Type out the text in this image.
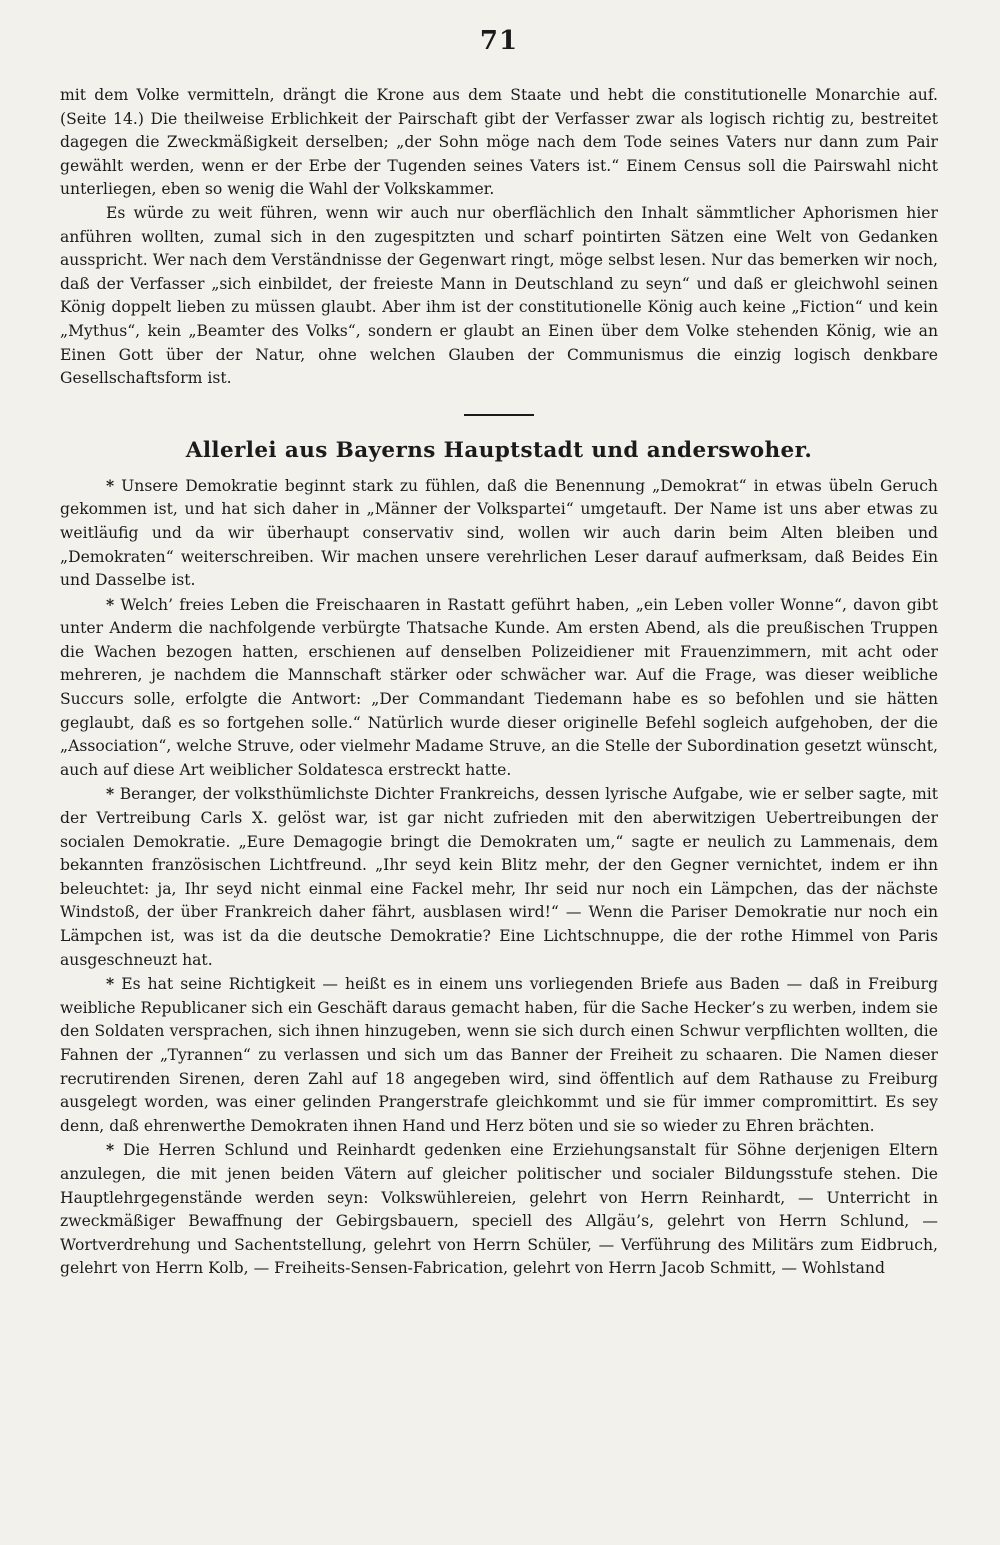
71

mit dem Volke vermitteln, drängt die Krone aus dem Staate und hebt die constitutionelle Monarchie auf. (Seite 14.) Die theilweise Erblichkeit der Pairschaft gibt der Verfasser zwar als logisch richtig zu, bestreitet dagegen die Zweckmäßigkeit derselben; „der Sohn möge nach dem Tode seines Vaters nur dann zum Pair gewählt werden, wenn er der Erbe der Tugenden seines Vaters ist.“ Einem Census soll die Pairswahl nicht unterliegen, eben so wenig die Wahl der Volkskammer.

Es würde zu weit führen, wenn wir auch nur oberflächlich den Inhalt sämmtlicher Aphorismen hier anführen wollten, zumal sich in den zugespitzten und scharf pointirten Sätzen eine Welt von Gedanken ausspricht. Wer nach dem Verständnisse der Gegenwart ringt, möge selbst lesen. Nur das bemerken wir noch, daß der Verfasser „sich einbildet, der freieste Mann in Deutschland zu seyn“ und daß er gleichwohl seinen König doppelt lieben zu müssen glaubt. Aber ihm ist der constitutionelle König auch keine „Fiction“ und kein „Mythus“, kein „Beamter des Volks“, sondern er glaubt an Einen über dem Volke stehenden König, wie an Einen Gott über der Natur, ohne welchen Glauben der Communismus die einzig logisch denkbare Gesellschaftsform ist.

Allerlei aus Bayerns Hauptstadt und anderswoher.

* Unsere Demokratie beginnt stark zu fühlen, daß die Benennung „Demokrat“ in etwas übeln Geruch gekommen ist, und hat sich daher in „Männer der Volkspartei“ umgetauft. Der Name ist uns aber etwas zu weitläufig und da wir überhaupt conservativ sind, wollen wir auch darin beim Alten bleiben und „Demokraten“ weiterschreiben. Wir machen unsere verehrlichen Leser darauf aufmerksam, daß Beides Ein und Dasselbe ist.

* Welch’ freies Leben die Freischaaren in Rastatt geführt haben, „ein Leben voller Wonne“, davon gibt unter Anderm die nachfolgende verbürgte Thatsache Kunde. Am ersten Abend, als die preußischen Truppen die Wachen bezogen hatten, erschienen auf denselben Polizeidiener mit Frauenzimmern, mit acht oder mehreren, je nachdem die Mannschaft stärker oder schwächer war. Auf die Frage, was dieser weibliche Succurs solle, erfolgte die Antwort: „Der Commandant Tiedemann habe es so befohlen und sie hätten geglaubt, daß es so fortgehen solle.“ Natürlich wurde dieser originelle Befehl sogleich aufgehoben, der die „Association“, welche Struve, oder vielmehr Madame Struve, an die Stelle der Subordination gesetzt wünscht, auch auf diese Art weiblicher Soldatesca erstreckt hatte.

* Beranger, der volksthümlichste Dichter Frankreichs, dessen lyrische Aufgabe, wie er selber sagte, mit der Vertreibung Carls X. gelöst war, ist gar nicht zufrieden mit den aberwitzigen Uebertreibungen der socialen Demokratie. „Eure Demagogie bringt die Demokraten um,“ sagte er neulich zu Lammenais, dem bekannten französischen Lichtfreund. „Ihr seyd kein Blitz mehr, der den Gegner vernichtet, indem er ihn beleuchtet: ja, Ihr seyd nicht einmal eine Fackel mehr, Ihr seid nur noch ein Lämpchen, das der nächste Windstoß, der über Frankreich daher fährt, ausblasen wird!“ — Wenn die Pariser Demokratie nur noch ein Lämpchen ist, was ist da die deutsche Demokratie? Eine Lichtschnuppe, die der rothe Himmel von Paris ausgeschneuzt hat.

* Es hat seine Richtigkeit — heißt es in einem uns vorliegenden Briefe aus Baden — daß in Freiburg weibliche Republicaner sich ein Geschäft daraus gemacht haben, für die Sache Hecker’s zu werben, indem sie den Soldaten versprachen, sich ihnen hinzugeben, wenn sie sich durch einen Schwur verpflichten wollten, die Fahnen der „Tyrannen“ zu verlassen und sich um das Banner der Freiheit zu schaaren. Die Namen dieser recrutirenden Sirenen, deren Zahl auf 18 angegeben wird, sind öffentlich auf dem Rathause zu Freiburg ausgelegt worden, was einer gelinden Prangerstrafe gleichkommt und sie für immer compromittirt. Es sey denn, daß ehrenwerthe Demokraten ihnen Hand und Herz böten und sie so wieder zu Ehren brächten.

* Die Herren Schlund und Reinhardt gedenken eine Erziehungsanstalt für Söhne derjenigen Eltern anzulegen, die mit jenen beiden Vätern auf gleicher politischer und socialer Bildungsstufe stehen. Die Hauptlehrgegenstände werden seyn: Volkswühlereien, gelehrt von Herrn Reinhardt, — Unterricht in zweckmäßiger Bewaffnung der Gebirgsbauern, speciell des Allgäu’s, gelehrt von Herrn Schlund, — Wortverdrehung und Sachentstellung, gelehrt von Herrn Schüler, — Verführung des Militärs zum Eidbruch, gelehrt von Herrn Kolb, — Freiheits-Sensen-Fabrication, gelehrt von Herrn Jacob Schmitt, — Wohlstand
